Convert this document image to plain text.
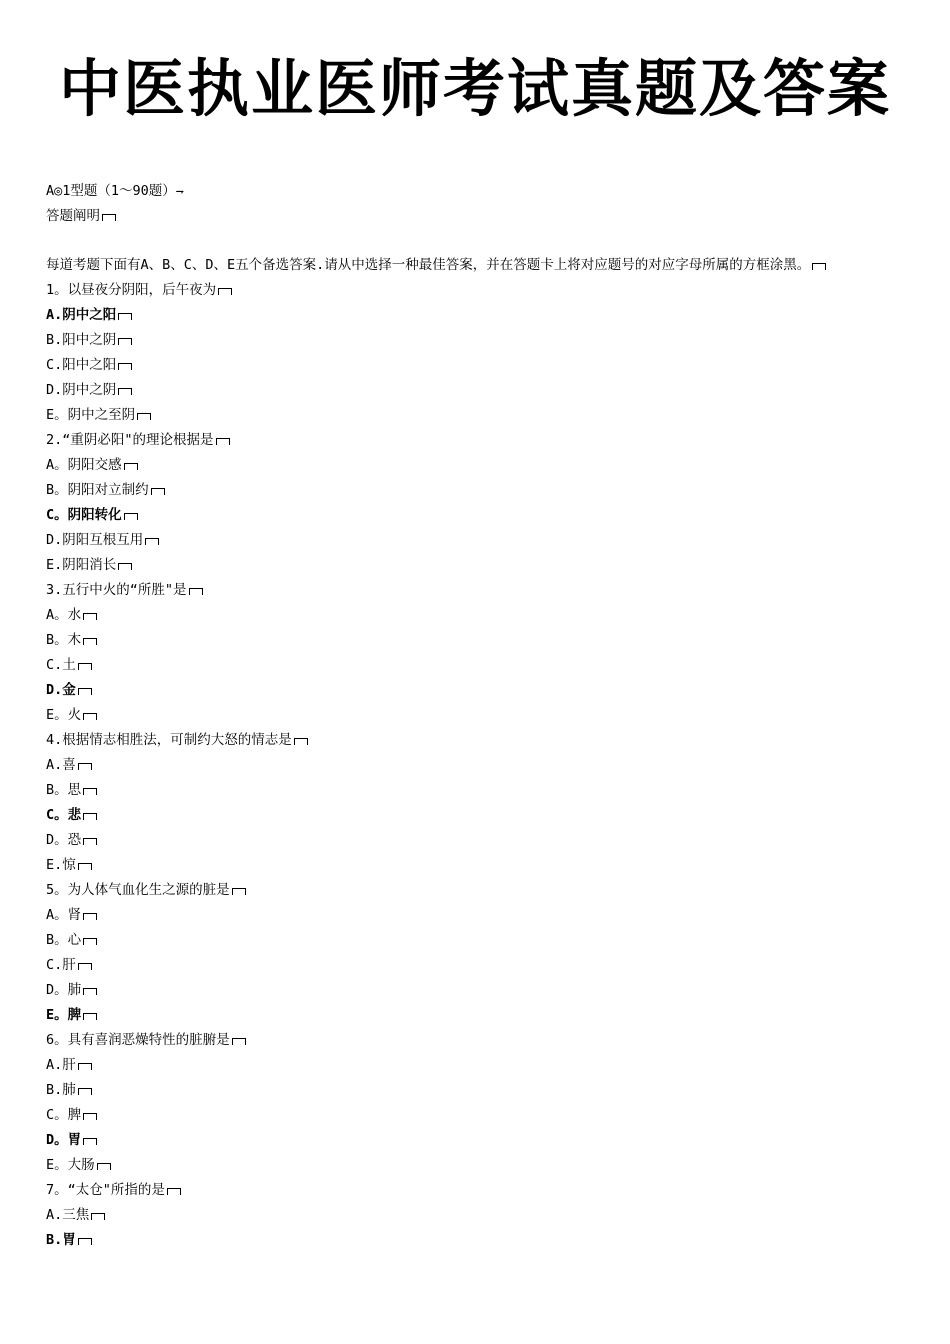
中医执业医师考试真题及答案
A◎1型题（1～90题）⇁
答题阐明

每道考题下面有A、B、C、D、E五个备选答案.请从中选择一种最佳答案，并在答题卡上将对应题号的对应字母所属的方框涂黑。

1。以昼夜分阴阳，后午夜为
A.阴中之阳
B.阳中之阴
C.阳中之阳
D.阴中之阴
E。阴中之至阴
2.“重阴必阳"的理论根据是
A。阴阳交感
B。阴阳对立制约
C。阴阳转化
D.阴阳互根互用
E.阴阳消长
3.五行中火的“所胜"是
A。水
B。木
C.土
D.金
E。火
4.根据情志相胜法，可制约大怒的情志是
A.喜
B。思
C。悲
D。恐
E.惊
5。为人体气血化生之源的脏是
A。肾
B。心
C.肝
D。肺
E。脾
6。具有喜润恶燥特性的脏腑是
A.肝
B.肺
C。脾
D。胃
E。大肠
7。“太仓"所指的是
A.三焦
B.胃
